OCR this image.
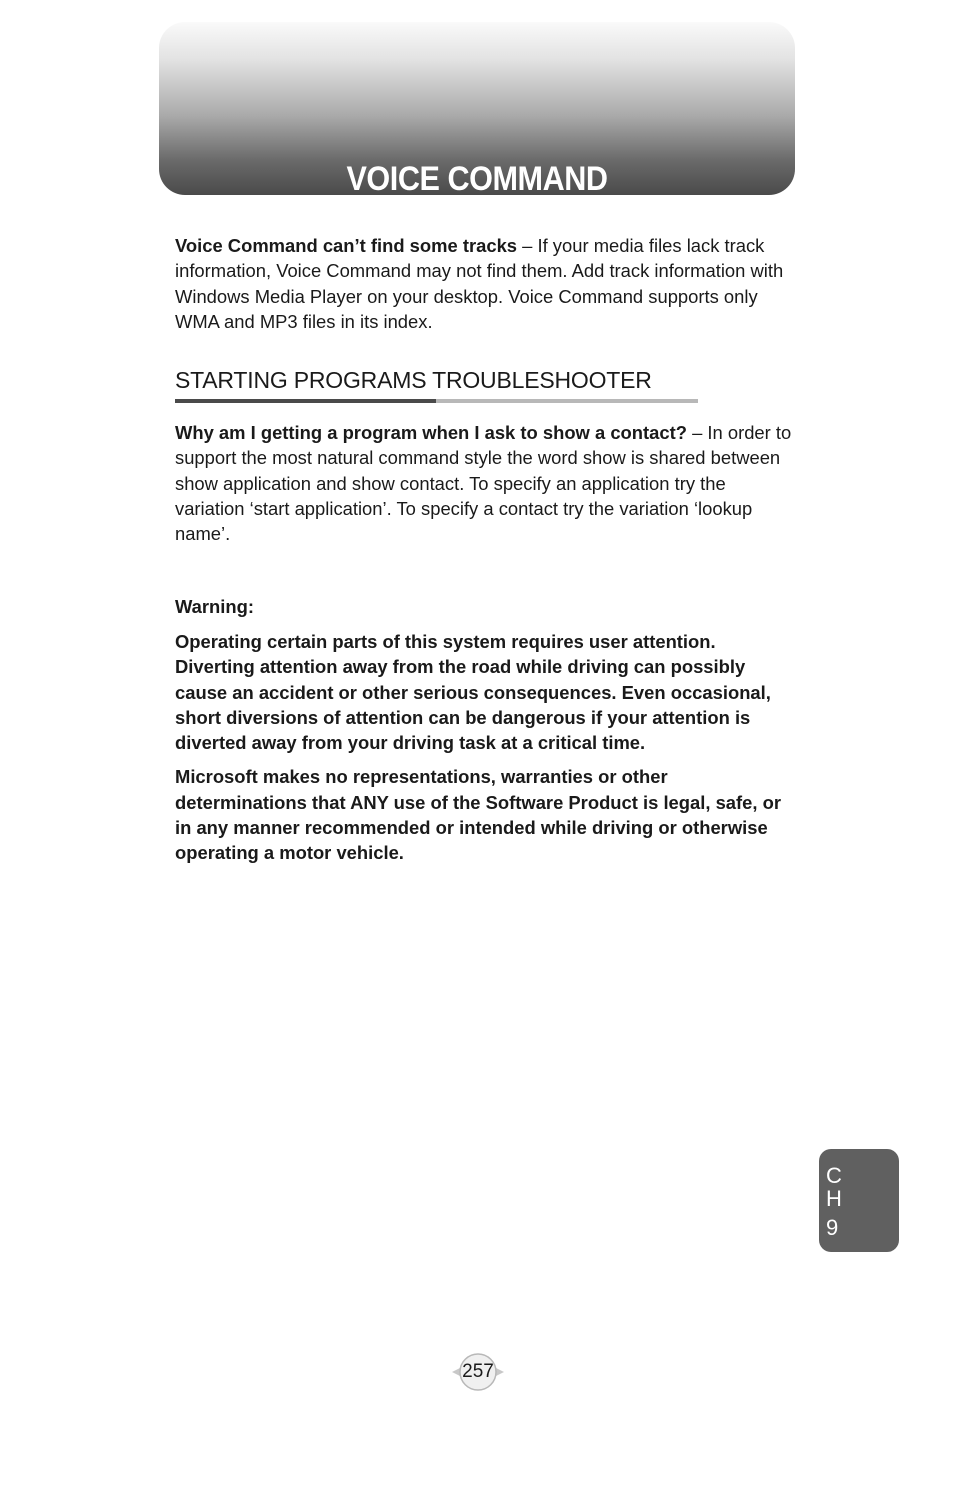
VOICE COMMAND

Voice Command can’t find some tracks – If your media files lack track information, Voice Command may not find them. Add track information with Windows Media Player on your desktop. Voice Command supports only WMA and MP3 files in its index.

STARTING PROGRAMS TROUBLESHOOTER

Why am I getting a program when I ask to show a contact? – In order to support the most natural command style the word show is shared between show application and show contact. To specify an application try the variation ‘start application’. To specify a contact try the variation ‘lookup name’.

Warning:

Operating certain parts of this system requires user attention. Diverting attention away from the road while driving can possibly cause an accident or other serious consequences. Even occasional, short diversions of attention can be dangerous if your attention is diverted away from your driving task at a critical time.

Microsoft makes no representations, warranties or other determinations that ANY use of the Software Product is legal, safe, or in any manner recommended or intended while driving or otherwise operating a motor vehicle.

C
H
9
257
